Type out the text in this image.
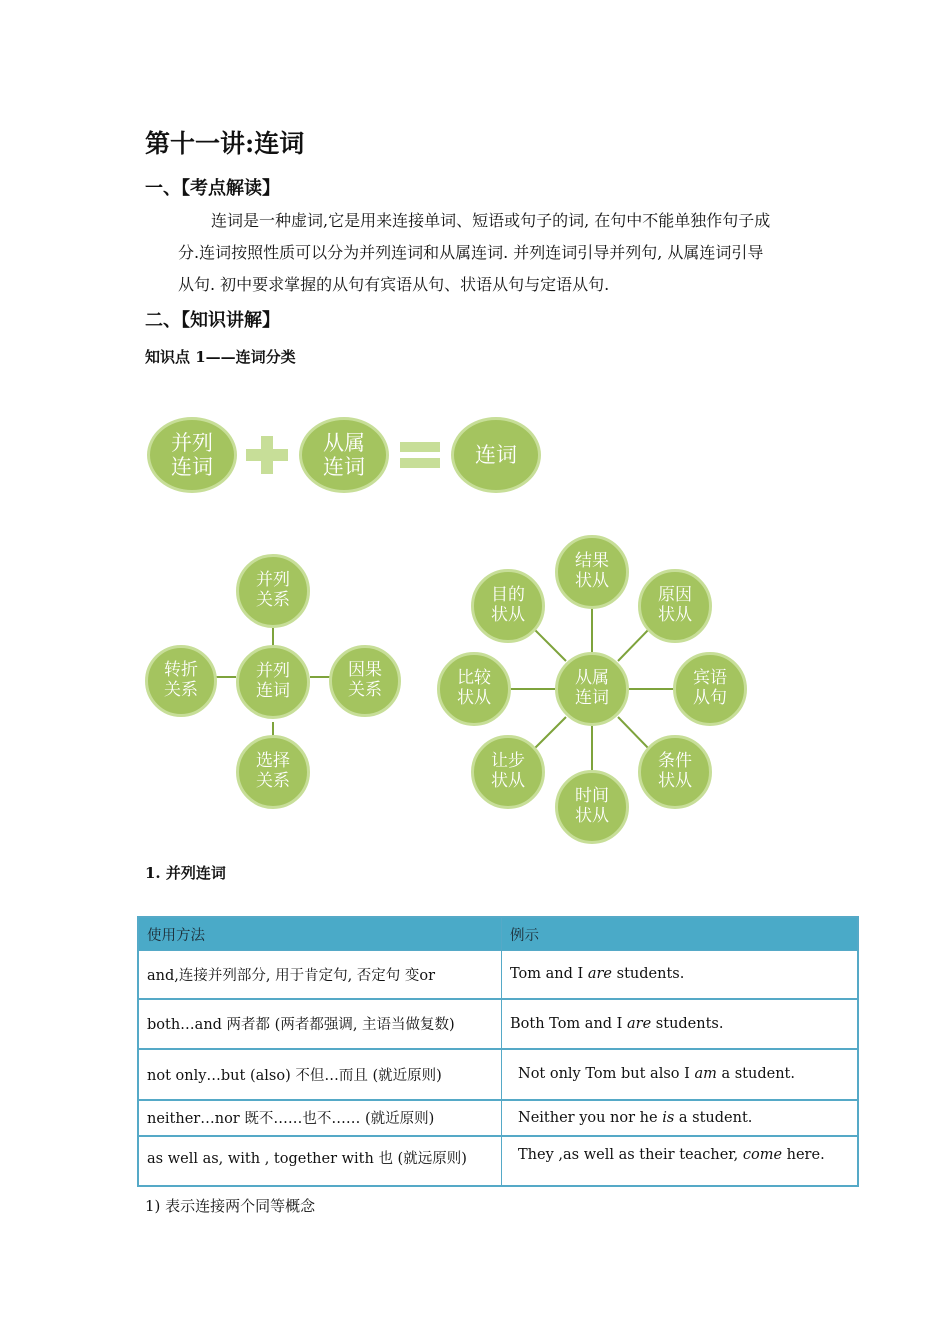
第十一讲:连词
一、【考点解读】
连词是一种虚词,它是用来连接单词、短语或句子的词, 在句中不能单独作句子成
分.连词按照性质可以分为并列连词和从属连词. 并列连词引导并列句, 从属连词引导
从句. 初中要求掌握的从句有宾语从句、状语从句与定语从句.
二、【知识讲解】
知识点 1——连词分类
并列
连词
从属
连词
连词
并列
关系
并列
连词
转折
关系
因果
关系
选择
关系
从属
连词
结果
状从
目的
状从
原因
状从
比较
状从
宾语
从句
让步
状从
条件
状从
时间
状从
1. 并列连词
使用方法	例示
and,连接并列部分, 用于肯定句, 否定句 变or	Tom and I are students.
both…and 两者都 (两者都强调, 主语当做复数)	Both Tom and I are students.
not only…but (also) 不但…而且 (就近原则)	Not only Tom but also I am a student.
neither…nor 既不……也不…… (就近原则)	Neither you nor he is a student.
as well as, with , together with 也 (就远原则)	They ,as well as their teacher, come here.
1) 表示连接两个同等概念
